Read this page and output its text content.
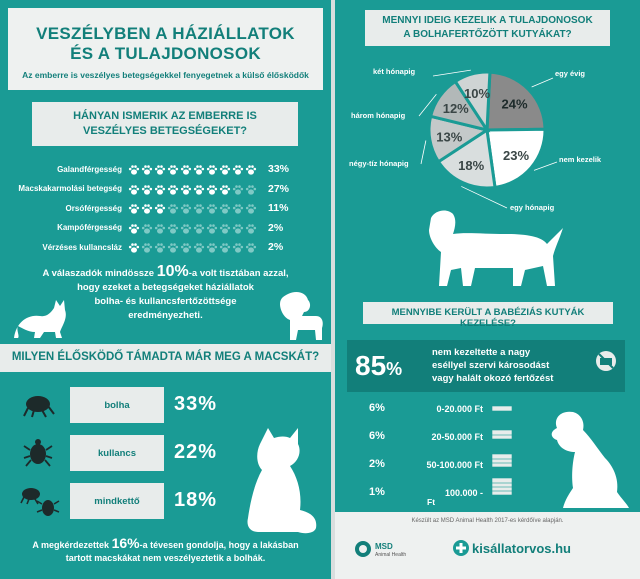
VESZÉLYBEN A HÁZIÁLLATOK
ÉS A TULAJDONOSOK
Az emberre is veszélyes betegségekkel fenyegetnek a külső élősködők
HÁNYAN ISMERIK AZ EMBERRE IS
VESZÉLYES BETEGSÉGEKET?
Galandférgesség	33%
Macskakarmolási betegség	27%
Orsóférgesség	11%
Kampóférgesség	2%
Vérzéses kullancsláz	2%
A válaszadók mindössze 10%-a volt tisztában azzal,
hogy ezeket a betegségeket háziállatok
bolha- és kullancsfertőzöttsége
eredményezheti.
MILYEN ÉLŐSKÖDŐ TÁMADTA MÁR MEG A MACSKÁT?
bolha 33%
kullancs 22%
mindkettő 18%
A megkérdezettek 16%-a tévesen gondolja, hogy a lakásban
tartott macskákat nem veszélyeztetik a bolhák.
MENNYI IDEIG KEZELIK A TULAJDONOSOK
A BOLHAFERTŐZÖTT KUTYÁKAT?
24%
egy évig
23%	nem kezelik
18%
egy hónapig
13%
négy-tíz hónapig
12%
három hónapig
10%
két hónapig
MENNYIBE KERÜLT A BABÉZIÁS KUTYÁK KEZELÉSE?
85%
nem kezeltette a nagy
eséllyel szervi károsodást
vagy halált okozó fertőzést
6%	0-20.000 Ft
6%	20-50.000 Ft
2%	50-100.000 Ft
1%	100.000 -
Ft
Készült az MSD Animal Health 2017-es kérdőíve alapján.
MSD
Animal Health	kisállatorvos.hu
